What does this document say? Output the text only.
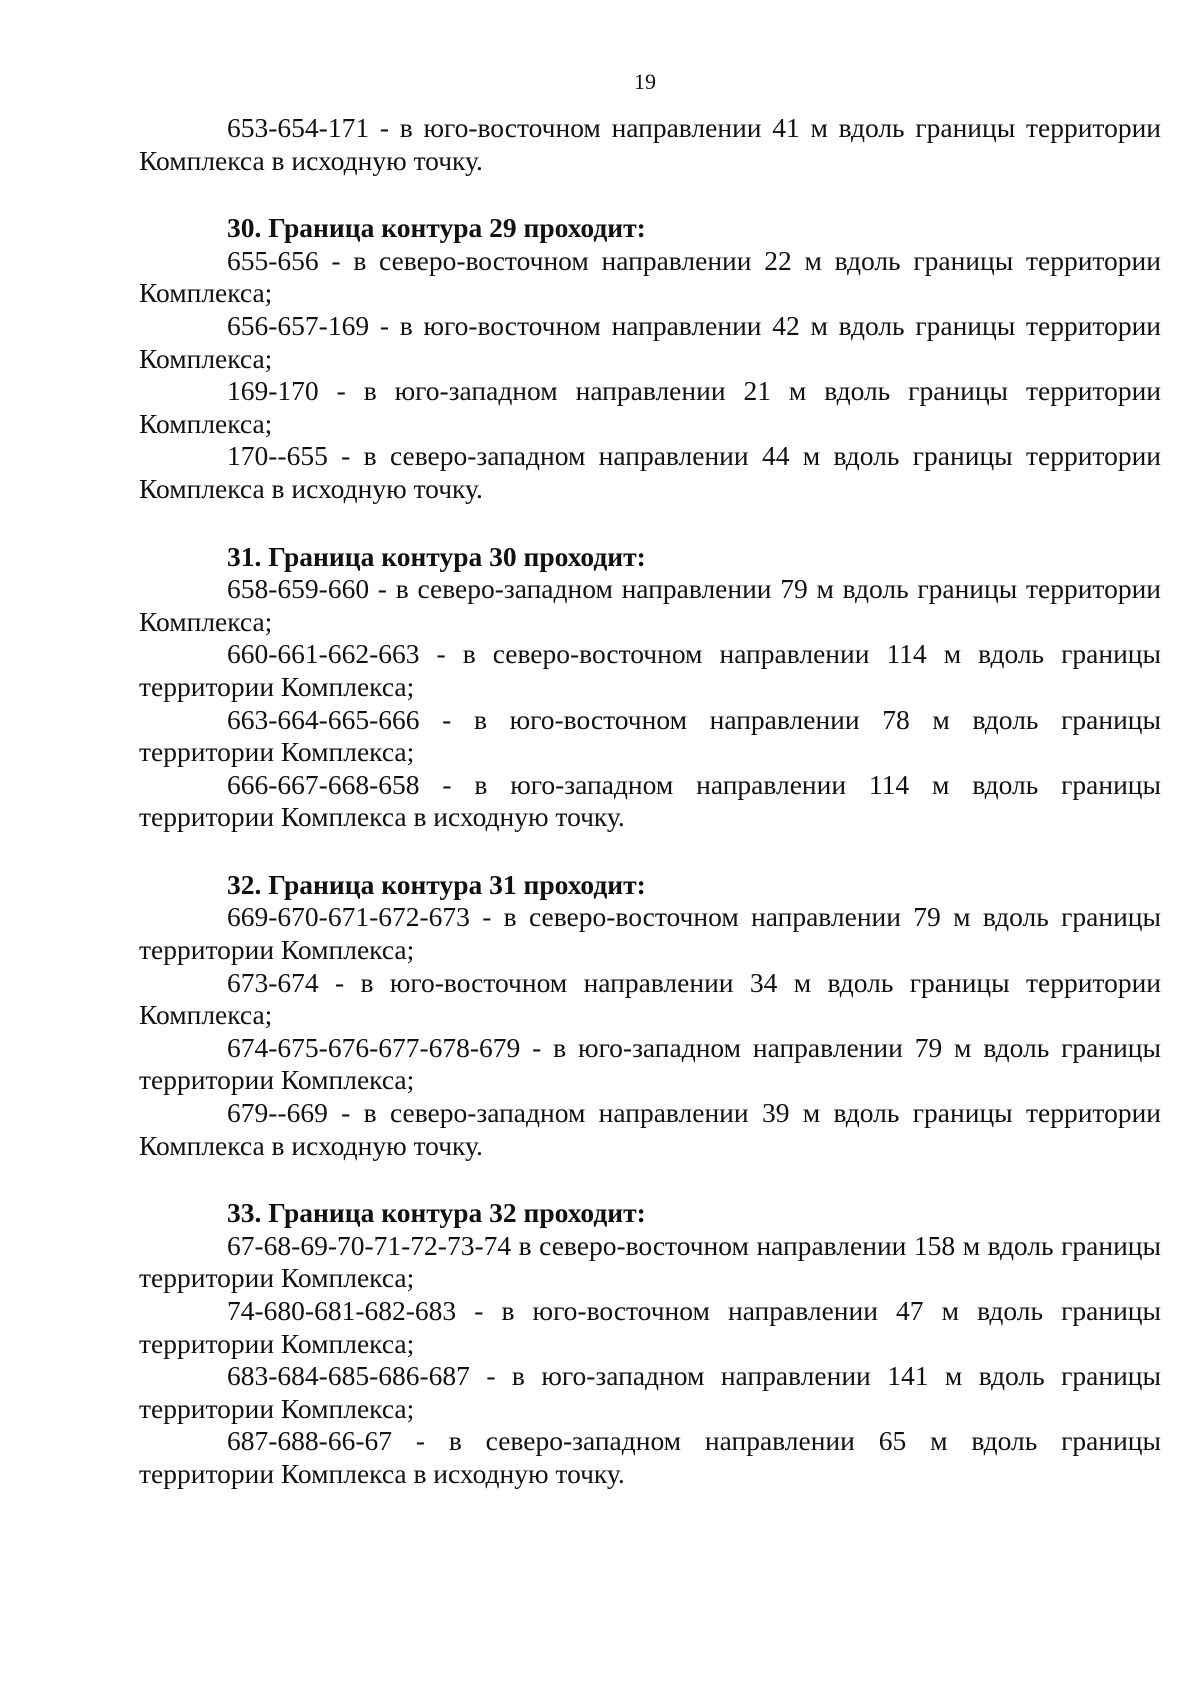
19

653-654-171 - в юго-восточном направлении 41 м вдоль границы территории Комплекса в исходную точку.

30. Граница контура 29 проходит:

655-656 - в северо-восточном направлении 22 м вдоль границы территории Комплекса;

656-657-169 - в юго-восточном направлении 42 м вдоль границы территории Комплекса;

169-170 - в юго-западном направлении 21 м вдоль границы территории Комплекса;

170--655 - в северо-западном направлении 44 м вдоль границы территории Комплекса в исходную точку.

31. Граница контура 30 проходит:

658-659-660 - в северо-западном направлении 79 м вдоль границы территории Комплекса;

660-661-662-663 - в северо-восточном направлении 114 м вдоль границы территории Комплекса;

663-664-665-666 - в юго-восточном направлении 78 м вдоль границы территории Комплекса;

666-667-668-658 - в юго-западном направлении 114 м вдоль границы территории Комплекса в исходную точку.

32. Граница контура 31 проходит:

669-670-671-672-673 - в северо-восточном направлении 79 м вдоль границы территории Комплекса;

673-674 - в юго-восточном направлении 34 м вдоль границы территории Комплекса;

674-675-676-677-678-679 - в юго-западном направлении 79 м вдоль границы территории Комплекса;

679--669 - в северо-западном направлении 39 м вдоль границы территории Комплекса в исходную точку.

33. Граница контура 32 проходит:

67-68-69-70-71-72-73-74 в северо-восточном направлении 158 м вдоль границы территории Комплекса;

74-680-681-682-683 - в юго-восточном направлении 47 м вдоль границы территории Комплекса;

683-684-685-686-687 - в юго-западном направлении 141 м вдоль границы территории Комплекса;

687-688-66-67 - в северо-западном направлении 65 м вдоль границы территории Комплекса в исходную точку.
